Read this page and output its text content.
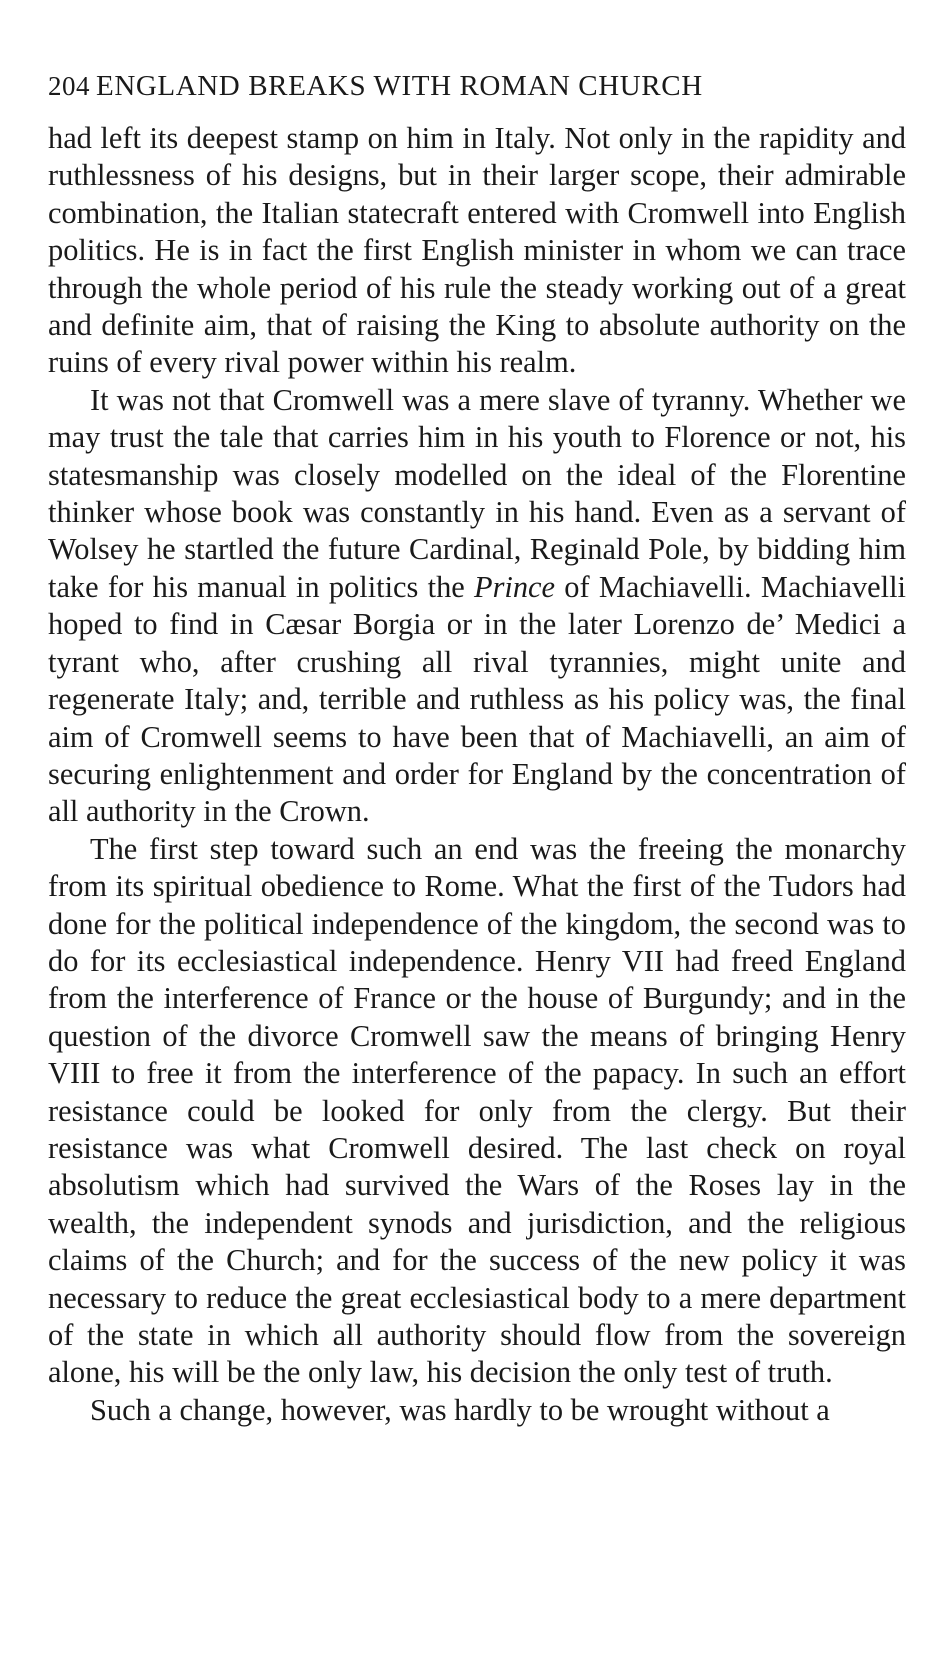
204 ENGLAND BREAKS WITH ROMAN CHURCH

had left its deepest stamp on him in Italy. Not only in the rapidity and ruthlessness of his designs, but in their larger scope, their admirable combination, the Italian statecraft entered with Cromwell into English politics. He is in fact the first English minister in whom we can trace through the whole period of his rule the steady working out of a great and definite aim, that of raising the King to absolute authority on the ruins of every rival power within his realm.

It was not that Cromwell was a mere slave of tyranny. Whether we may trust the tale that carries him in his youth to Florence or not, his statesmanship was closely modelled on the ideal of the Florentine thinker whose book was constantly in his hand. Even as a servant of Wolsey he startled the future Cardinal, Reginald Pole, by bidding him take for his manual in politics the Prince of Machiavelli. Machiavelli hoped to find in Cæsar Borgia or in the later Lorenzo de’ Medici a tyrant who, after crushing all rival tyrannies, might unite and regenerate Italy; and, terrible and ruthless as his policy was, the final aim of Cromwell seems to have been that of Machiavelli, an aim of securing enlightenment and order for England by the concentration of all authority in the Crown.

The first step toward such an end was the freeing the monarchy from its spiritual obedience to Rome. What the first of the Tudors had done for the political independence of the kingdom, the second was to do for its ecclesiastical independence. Henry VII had freed England from the interference of France or the house of Burgundy; and in the question of the divorce Cromwell saw the means of bringing Henry VIII to free it from the interference of the papacy. In such an effort resistance could be looked for only from the clergy. But their resistance was what Cromwell desired. The last check on royal absolutism which had survived the Wars of the Roses lay in the wealth, the independent synods and jurisdiction, and the religious claims of the Church; and for the success of the new policy it was necessary to reduce the great ecclesiastical body to a mere department of the state in which all authority should flow from the sovereign alone, his will be the only law, his decision the only test of truth.

Such a change, however, was hardly to be wrought without a
